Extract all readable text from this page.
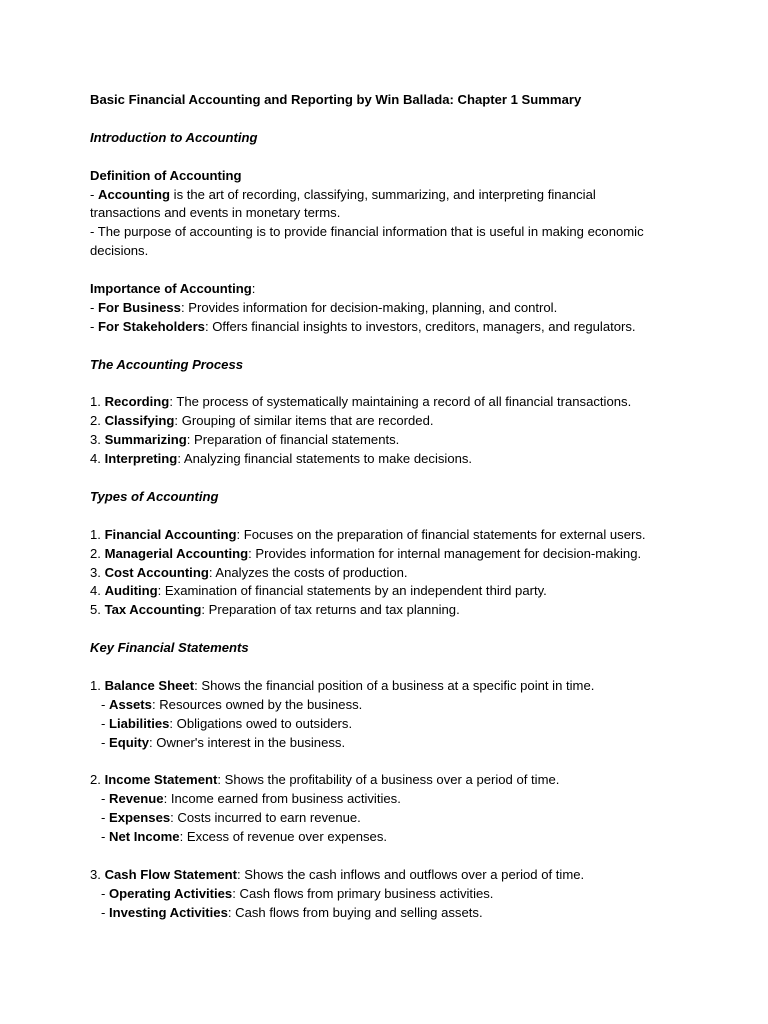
Basic Financial Accounting and Reporting by Win Ballada: Chapter 1 Summary
Introduction to Accounting
Definition of Accounting
- Accounting is the art of recording, classifying, summarizing, and interpreting financial
transactions and events in monetary terms.
- The purpose of accounting is to provide financial information that is useful in making economic
decisions.
Importance of Accounting:
- For Business: Provides information for decision-making, planning, and control.
- For Stakeholders: Offers financial insights to investors, creditors, managers, and regulators.
The Accounting Process
1. Recording: The process of systematically maintaining a record of all financial transactions.
2. Classifying: Grouping of similar items that are recorded.
3. Summarizing: Preparation of financial statements.
4. Interpreting: Analyzing financial statements to make decisions.
Types of Accounting
1. Financial Accounting: Focuses on the preparation of financial statements for external users.
2. Managerial Accounting: Provides information for internal management for decision-making.
3. Cost Accounting: Analyzes the costs of production.
4. Auditing: Examination of financial statements by an independent third party.
5. Tax Accounting: Preparation of tax returns and tax planning.
Key Financial Statements
1. Balance Sheet: Shows the financial position of a business at a specific point in time.
- Assets: Resources owned by the business.
- Liabilities: Obligations owed to outsiders.
- Equity: Owner's interest in the business.
2. Income Statement: Shows the profitability of a business over a period of time.
- Revenue: Income earned from business activities.
- Expenses: Costs incurred to earn revenue.
- Net Income: Excess of revenue over expenses.
3. Cash Flow Statement: Shows the cash inflows and outflows over a period of time.
- Operating Activities: Cash flows from primary business activities.
- Investing Activities: Cash flows from buying and selling assets.
